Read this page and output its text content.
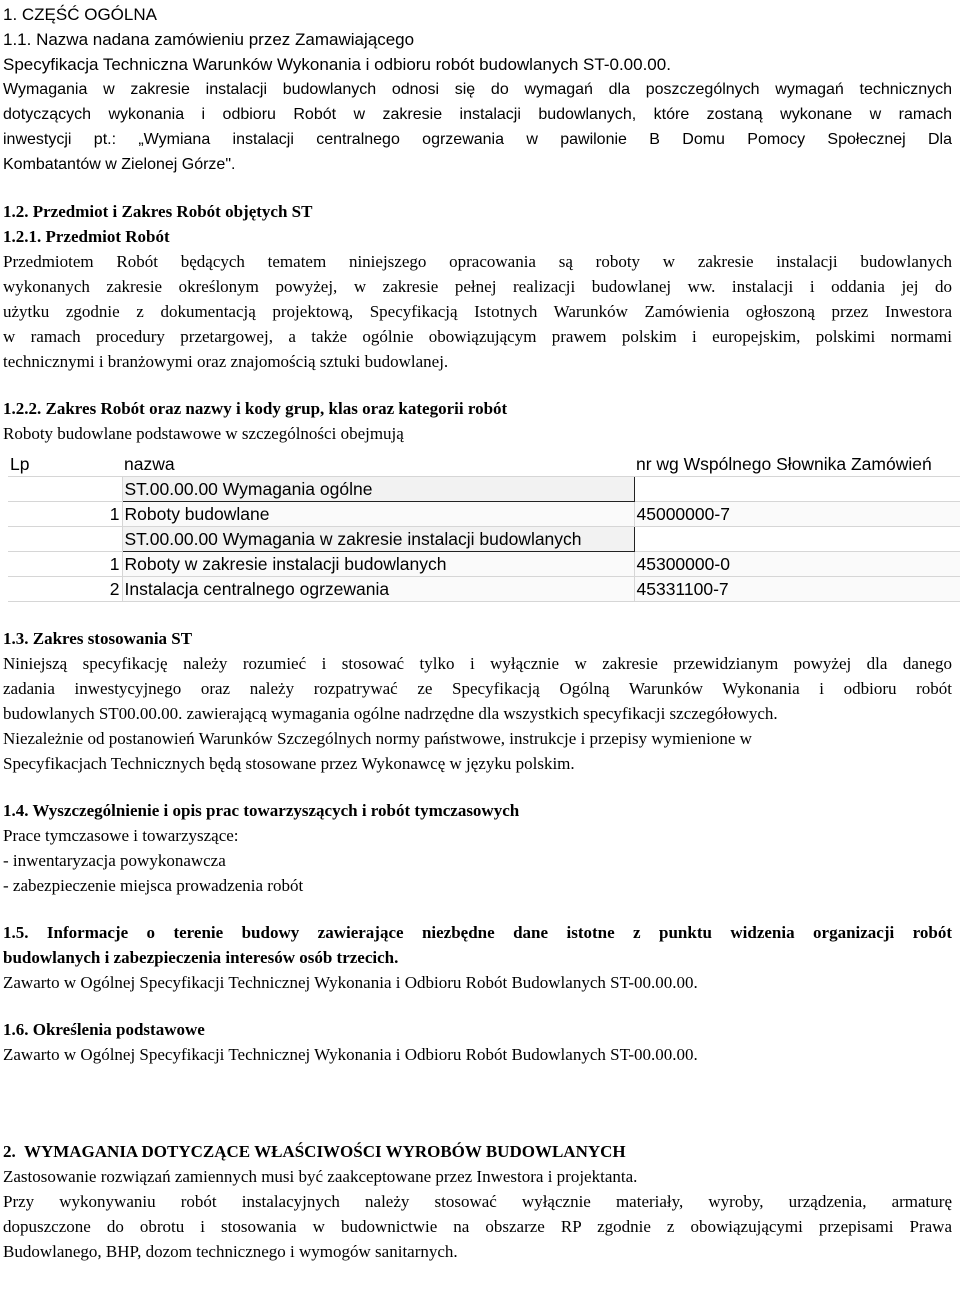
1. CZĘŚĆ OGÓLNA

1.1. Nazwa nadana zamówieniu przez Zamawiającego

Specyfikacja Techniczna Warunków Wykonania i odbioru robót budowlanych ST-0.00.00.

Wymagania w zakresie instalacji budowlanych odnosi się do wymagań dla poszczególnych wymagań technicznych

dotyczących wykonania i odbioru Robót w zakresie instalacji budowlanych, które zostaną wykonane w ramach

inwestycji pt.: „Wymiana instalacji centralnego ogrzewania w pawilonie B Domu Pomocy Społecznej Dla

Kombatantów w Zielonej Górze".

1.2. Przedmiot i Zakres Robót objętych ST

1.2.1. Przedmiot Robót

Przedmiotem Robót będących tematem niniejszego opracowania są roboty w zakresie instalacji budowlanych

wykonanych zakresie określonym powyżej, w zakresie pełnej realizacji budowlanej ww. instalacji i oddania jej do

użytku zgodnie z dokumentacją projektową, Specyfikacją Istotnych Warunków Zamówienia ogłoszoną przez Inwestora

w ramach procedury przetargowej, a także ogólnie obowiązującym prawem polskim i europejskim, polskimi normami

technicznymi i branżowymi oraz znajomością sztuki budowlanej.

1.2.2. Zakres Robót oraz nazwy i kody grup, klas oraz kategorii robót

Roboty budowlane podstawowe w szczególności obejmują

Lp	nazwa	nr wg Wspólnego Słownika Zamówień
	ST.00.00.00 Wymagania ogólne	
1	Roboty budowlane	45000000-7
	ST.00.00.00 Wymagania w zakresie instalacji budowlanych	
1	Roboty w zakresie instalacji budowlanych	45300000-0
2	Instalacja centralnego ogrzewania	45331100-7

1.3. Zakres stosowania ST

Niniejszą specyfikację należy rozumieć i stosować tylko i wyłącznie w zakresie przewidzianym powyżej dla danego

zadania inwestycyjnego oraz należy rozpatrywać ze Specyfikacją Ogólną Warunków Wykonania i odbioru robót

budowlanych ST00.00.00. zawierającą wymagania ogólne nadrzędne dla wszystkich specyfikacji szczegółowych.

Niezależnie od postanowień Warunków Szczególnych normy państwowe, instrukcje i przepisy wymienione w

Specyfikacjach Technicznych będą stosowane przez Wykonawcę w języku polskim.

1.4. Wyszczególnienie i opis prac towarzyszących i robót tymczasowych

Prace tymczasowe i towarzyszące:

- inwentaryzacja powykonawcza

- zabezpieczenie miejsca prowadzenia robót

1.5. Informacje o terenie budowy zawierające niezbędne dane istotne z punktu widzenia organizacji robót

budowlanych i zabezpieczenia interesów osób trzecich.

Zawarto w Ogólnej Specyfikacji Technicznej Wykonania i Odbioru Robót Budowlanych ST-00.00.00.

1.6. Określenia podstawowe

Zawarto w Ogólnej Specyfikacji Technicznej Wykonania i Odbioru Robót Budowlanych ST-00.00.00.

2.  WYMAGANIA DOTYCZĄCE WŁAŚCIWOŚCI WYROBÓW BUDOWLANYCH

Zastosowanie rozwiązań zamiennych musi być zaakceptowane przez Inwestora i projektanta.

Przy wykonywaniu robót instalacyjnych należy stosować wyłącznie materiały, wyroby, urządzenia, armaturę

dopuszczone do obrotu i stosowania w budownictwie na obszarze RP zgodnie z obowiązującymi przepisami Prawa

Budowlanego, BHP, dozom technicznego i wymogów sanitarnych.
